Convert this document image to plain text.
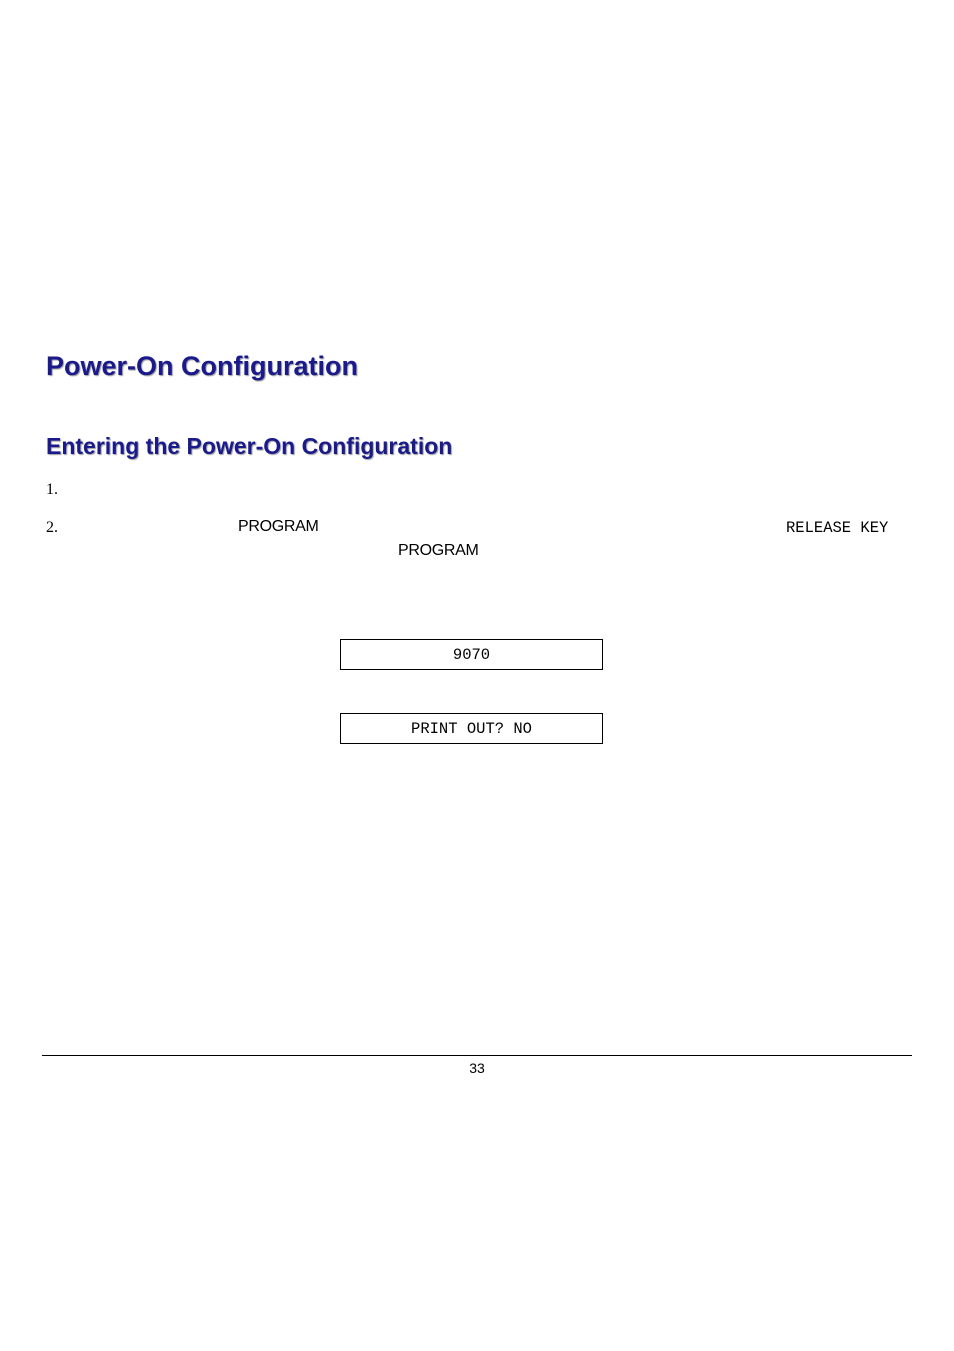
Power-On Configuration
Entering the Power-On Configuration
1.
2.	PROGRAM	RELEASE KEY
PROGRAM
9070
PRINT OUT? NO
33
